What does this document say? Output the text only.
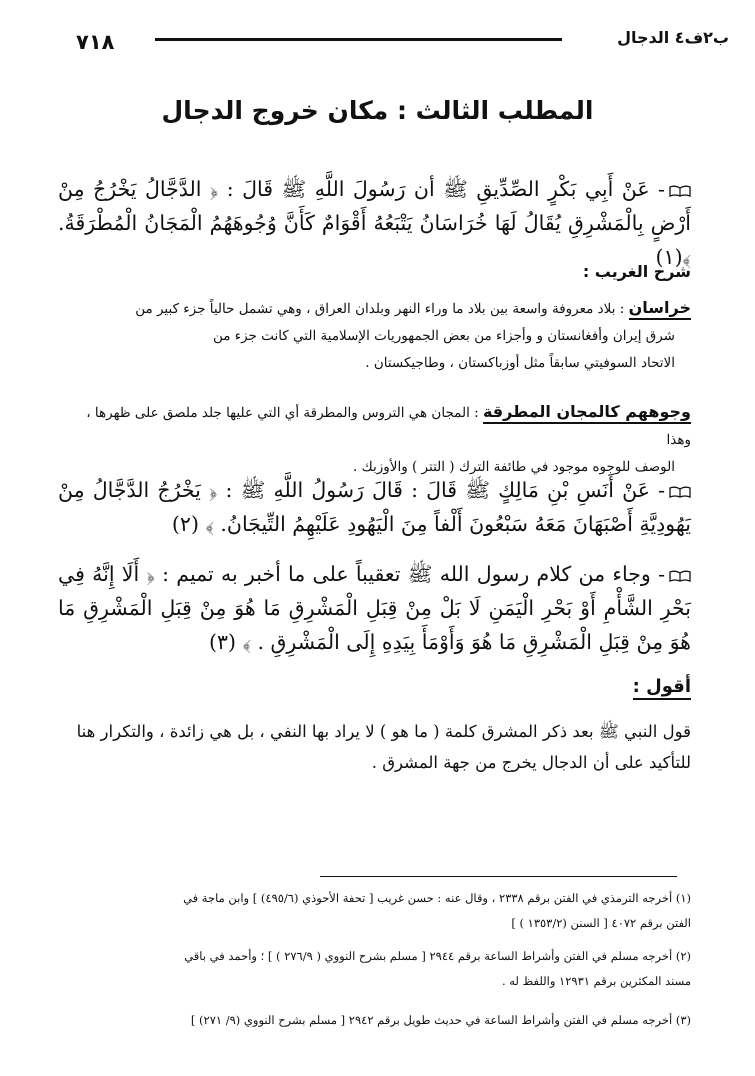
ب٢ف٤ الدجال
٧١٨
المطلب الثالث : مكان خروج الدجال
- عَنْ أَبِي بَكْرٍ الصِّدِّيقِ ﷺ أن رَسُولَ اللَّهِ ﷺ قَالَ : ﴿ الدَّجَّالُ يَخْرُجُ مِنْ أَرْضٍ بِالْمَشْرِقِ يُقَالُ لَهَا خُرَاسَانُ يَتْبَعُهُ أَقْوَامٌ كَأَنَّ وُجُوهَهُمُ الْمَجَانُ الْمُطْرَقَةُ. ﴾(١)
شرح الغريب :
خراسان : بلاد معروفة واسعة بين بلاد ما وراء النهر وبلدان العراق ، وهي تشمل حالياً جزء كبير من
شرق إيران وأفغانستان و وأجزاء من بعض الجمهوريات الإسلامية التي كانت جزء من
الاتحاد السوفيتي سابقاً مثل أوزباكستان ، وطاجيكستان .
وجوههم كالمجان المطرقة : المجان هي التروس والمطرقة أي التي عليها جلد ملصق على ظهرها ، وهذا
الوصف للوجوه موجود في طائفة الترك ( التتر ) والأوزبك .
- عَنْ أَنَسِ بْنِ مَالِكٍ ﷺ قَالَ : قَالَ رَسُولُ اللَّهِ ﷺ : ﴿ يَخْرُجُ الدَّجَّالُ مِنْ يَهُودِيَّةِ أَصْبَهَانَ مَعَهُ سَبْعُونَ أَلْفاً مِنَ الْيَهُودِ عَلَيْهِمُ التِّيجَانُ. ﴾ (٢)
- وجاء من كلام رسول الله ﷺ تعقيباً على ما أخبر به تميم : ﴿ أَلَا إِنَّهُ فِي بَحْرِ الشَّأْمِ أَوْ بَحْرِ الْيَمَنِ لَا بَلْ مِنْ قِبَلِ الْمَشْرِقِ مَا هُوَ مِنْ قِبَلِ الْمَشْرِقِ مَا هُوَ مِنْ قِبَلِ الْمَشْرِقِ مَا هُوَ وَأَوْمَأَ بِيَدِهِ إِلَى الْمَشْرِقِ . ﴾ (٣)
أقول :
قول النبي ﷺ بعد ذكر المشرق كلمة ( ما هو ) لا يراد بها النفي ، بل هي زائدة ، والتكرار هنا للتأكيد على أن الدجال يخرج من جهة المشرق .
(١) أخرجه الترمذي في الفتن برقم ٢٣٣٨ ، وقال عنه : حسن غريب [ تحفة الأحوذي (٤٩٥/٦) ] وابن ماجة في
الفتن برقم ٤٠٧٢ [ السنن (١٣٥٣/٢ ) ]
(٢) أخرجه مسلم في الفتن وأشراط الساعة برقم ٢٩٤٤ [ مسلم بشرح النووي ( ٢٧٦/٩ ) ] ؛ وأحمد في باقي
مسند المكثرين برقم ١٢٩٣١ واللفظ له .
(٣) أخرجه مسلم في الفتن وأشراط الساعة في حديث طويل برقم ٢٩٤٢ [ مسلم بشرح النووي (٩/ ٢٧١) ]
